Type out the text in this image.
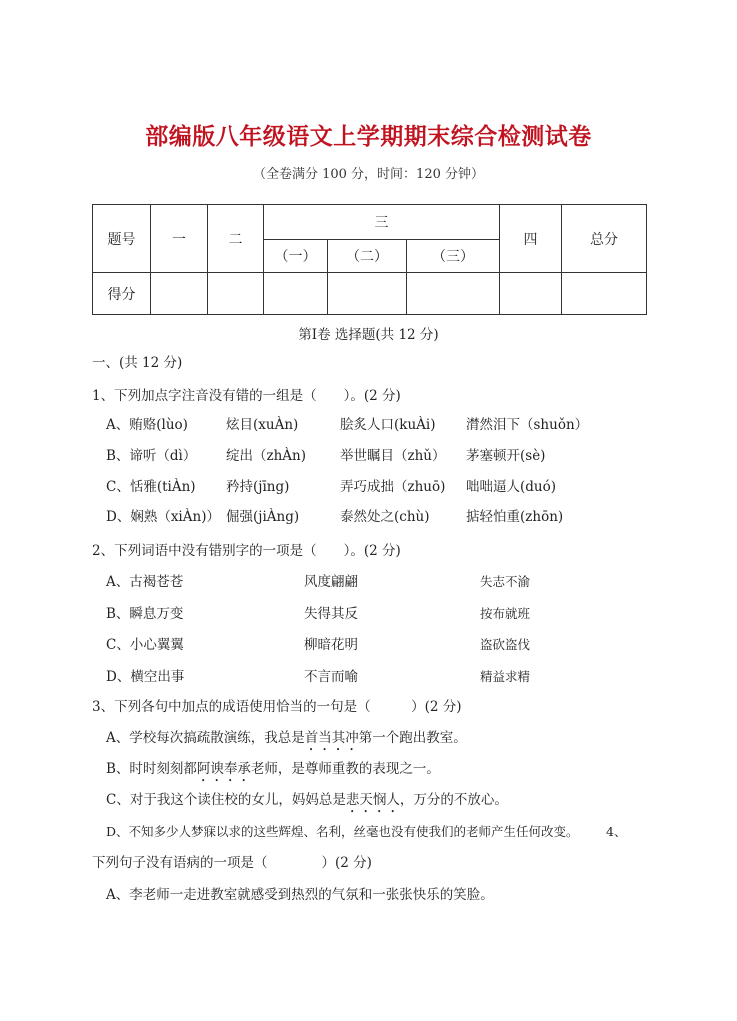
部编版八年级语文上学期期末综合检测试卷
（全卷满分 100 分，时间：120 分钟）
题号	一	二	三			四	总分
			（一）	（二）	（三）		
得分							
第Ⅰ卷 选择题(共 12 分)
一、(共 12 分)
1、下列加点字注音没有错的一组是（　　）。(2 分)
A、贿赂(lùo)	炫目(xuÀn)	脍炙人口(kuÀi) 潸然泪下（shuǒn）
B、谛听（dì） 绽出（zhÀn)	举世瞩目（zhǔ） 茅塞顿开(sè)
C、恬雅(tiÀn) 矜持(jīng)	弄巧成拙（zhuō) 咄咄逼人(duó)
D、娴熟（xiÀn)） 倔强(jiÀng)	泰然处之(chù)	掂轻怕重(zhōn)
2、下列词语中没有错别字的一项是（　　）。(2 分)
A、古褐苍苍	风度翩翩	失志不渝
B、瞬息万变	失得其反	按布就班
C、小心翼翼	柳暗花明	盗砍盗伐
D、横空出事	不言而喻	精益求精
3、下列各句中加点的成语使用恰当的一句是（　　　）(2 分)
A、学校每次搞疏散演练，我总是首当其冲第一个跑出教室。
B、时时刻刻都阿谀奉承老师，是尊师重教的表现之一。
C、对于我这个读住校的女儿，妈妈总是悲天悯人，万分的不放心。
D、不知多少人梦寐以求的这些辉煌、名利，丝毫也没有使我们的老师产生任何改变。 4、
下列句子没有语病的一项是（　　　　）(2 分)
A、李老师一走进教室就感受到热烈的气氛和一张张快乐的笑脸。
